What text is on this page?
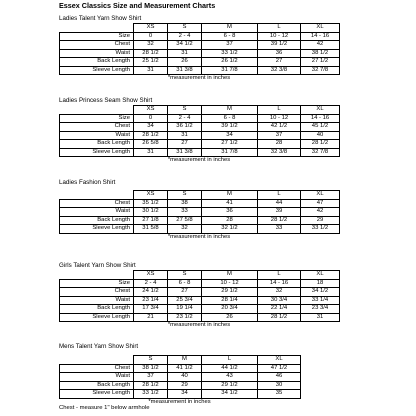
Essex Classics Size and Measurement Charts
Ladies Talent Yarn Show Shirt
	XS	S	M	L	XL
Size	0	2 - 4	6 - 8	10 - 12	14 - 16
Chest	32	34 1/2	37	39 1/2	42
Waist	28 1/2	31	33 1/2	36	38 1/2
Back Length	25 1/2	26	26 1/2	27	27 1/2
Sleeve Length	31	31 3/8	31 7/8	32 3/8	32 7/8
*measurement in inches
Ladies Princess Seam Show Shirt
	XS	S	M	L	XL
Size	0	2 - 4	6 - 8	10 - 12	14 - 16
Chest	34	36 1/2	39 1/2	42 1/2	45 1/2
Waist	28 1/2	31	34	37	40
Back Length	26 5/8	27	27 1/2	28	28 1/2
Sleeve Length	31	31 3/8	31 7/8	32 3/8	32 7/8
*measurement in inches
Ladies Fashion Shirt
	XS	S	M	L	XL
Chest	35 1/2	38	41	44	47
Waist	30 1/2	33	36	39	42
Back Length	27 1/8	27 5/8	28	28 1/2	29
Sleeve Length	31 5/8	32	32 1/2	33	33 1/2
*measurement in inches
Girls Talent Yarn Show Shirt
	XS	S	M	L	XL
Size	2 - 4	6 - 8	10 - 12	14 - 16	18
Chest	24 1/2	27	29 1/2	32	34 1/2
Waist	23 1/4	25 3/4	28 1/4	30 3/4	33 1/4
Back Length	17 3/4	19 1/4	20 3/4	22 1/4	23 3/4
Sleeve Length	21	23 1/2	26	28 1/2	31
*measurement in inches
Mens Talent Yarn Show Shirt
	S	M	L	XL
Chest	38 1/2	41 1/2	44 1/2	47 1/2
Waist	37	40	43	46
Back Length	28 1/2	29	29 1/2	30
Sleeve Length	33 1/2	34	34 1/2	35
*measurement in inches
Chest - measure 1" below armhole
